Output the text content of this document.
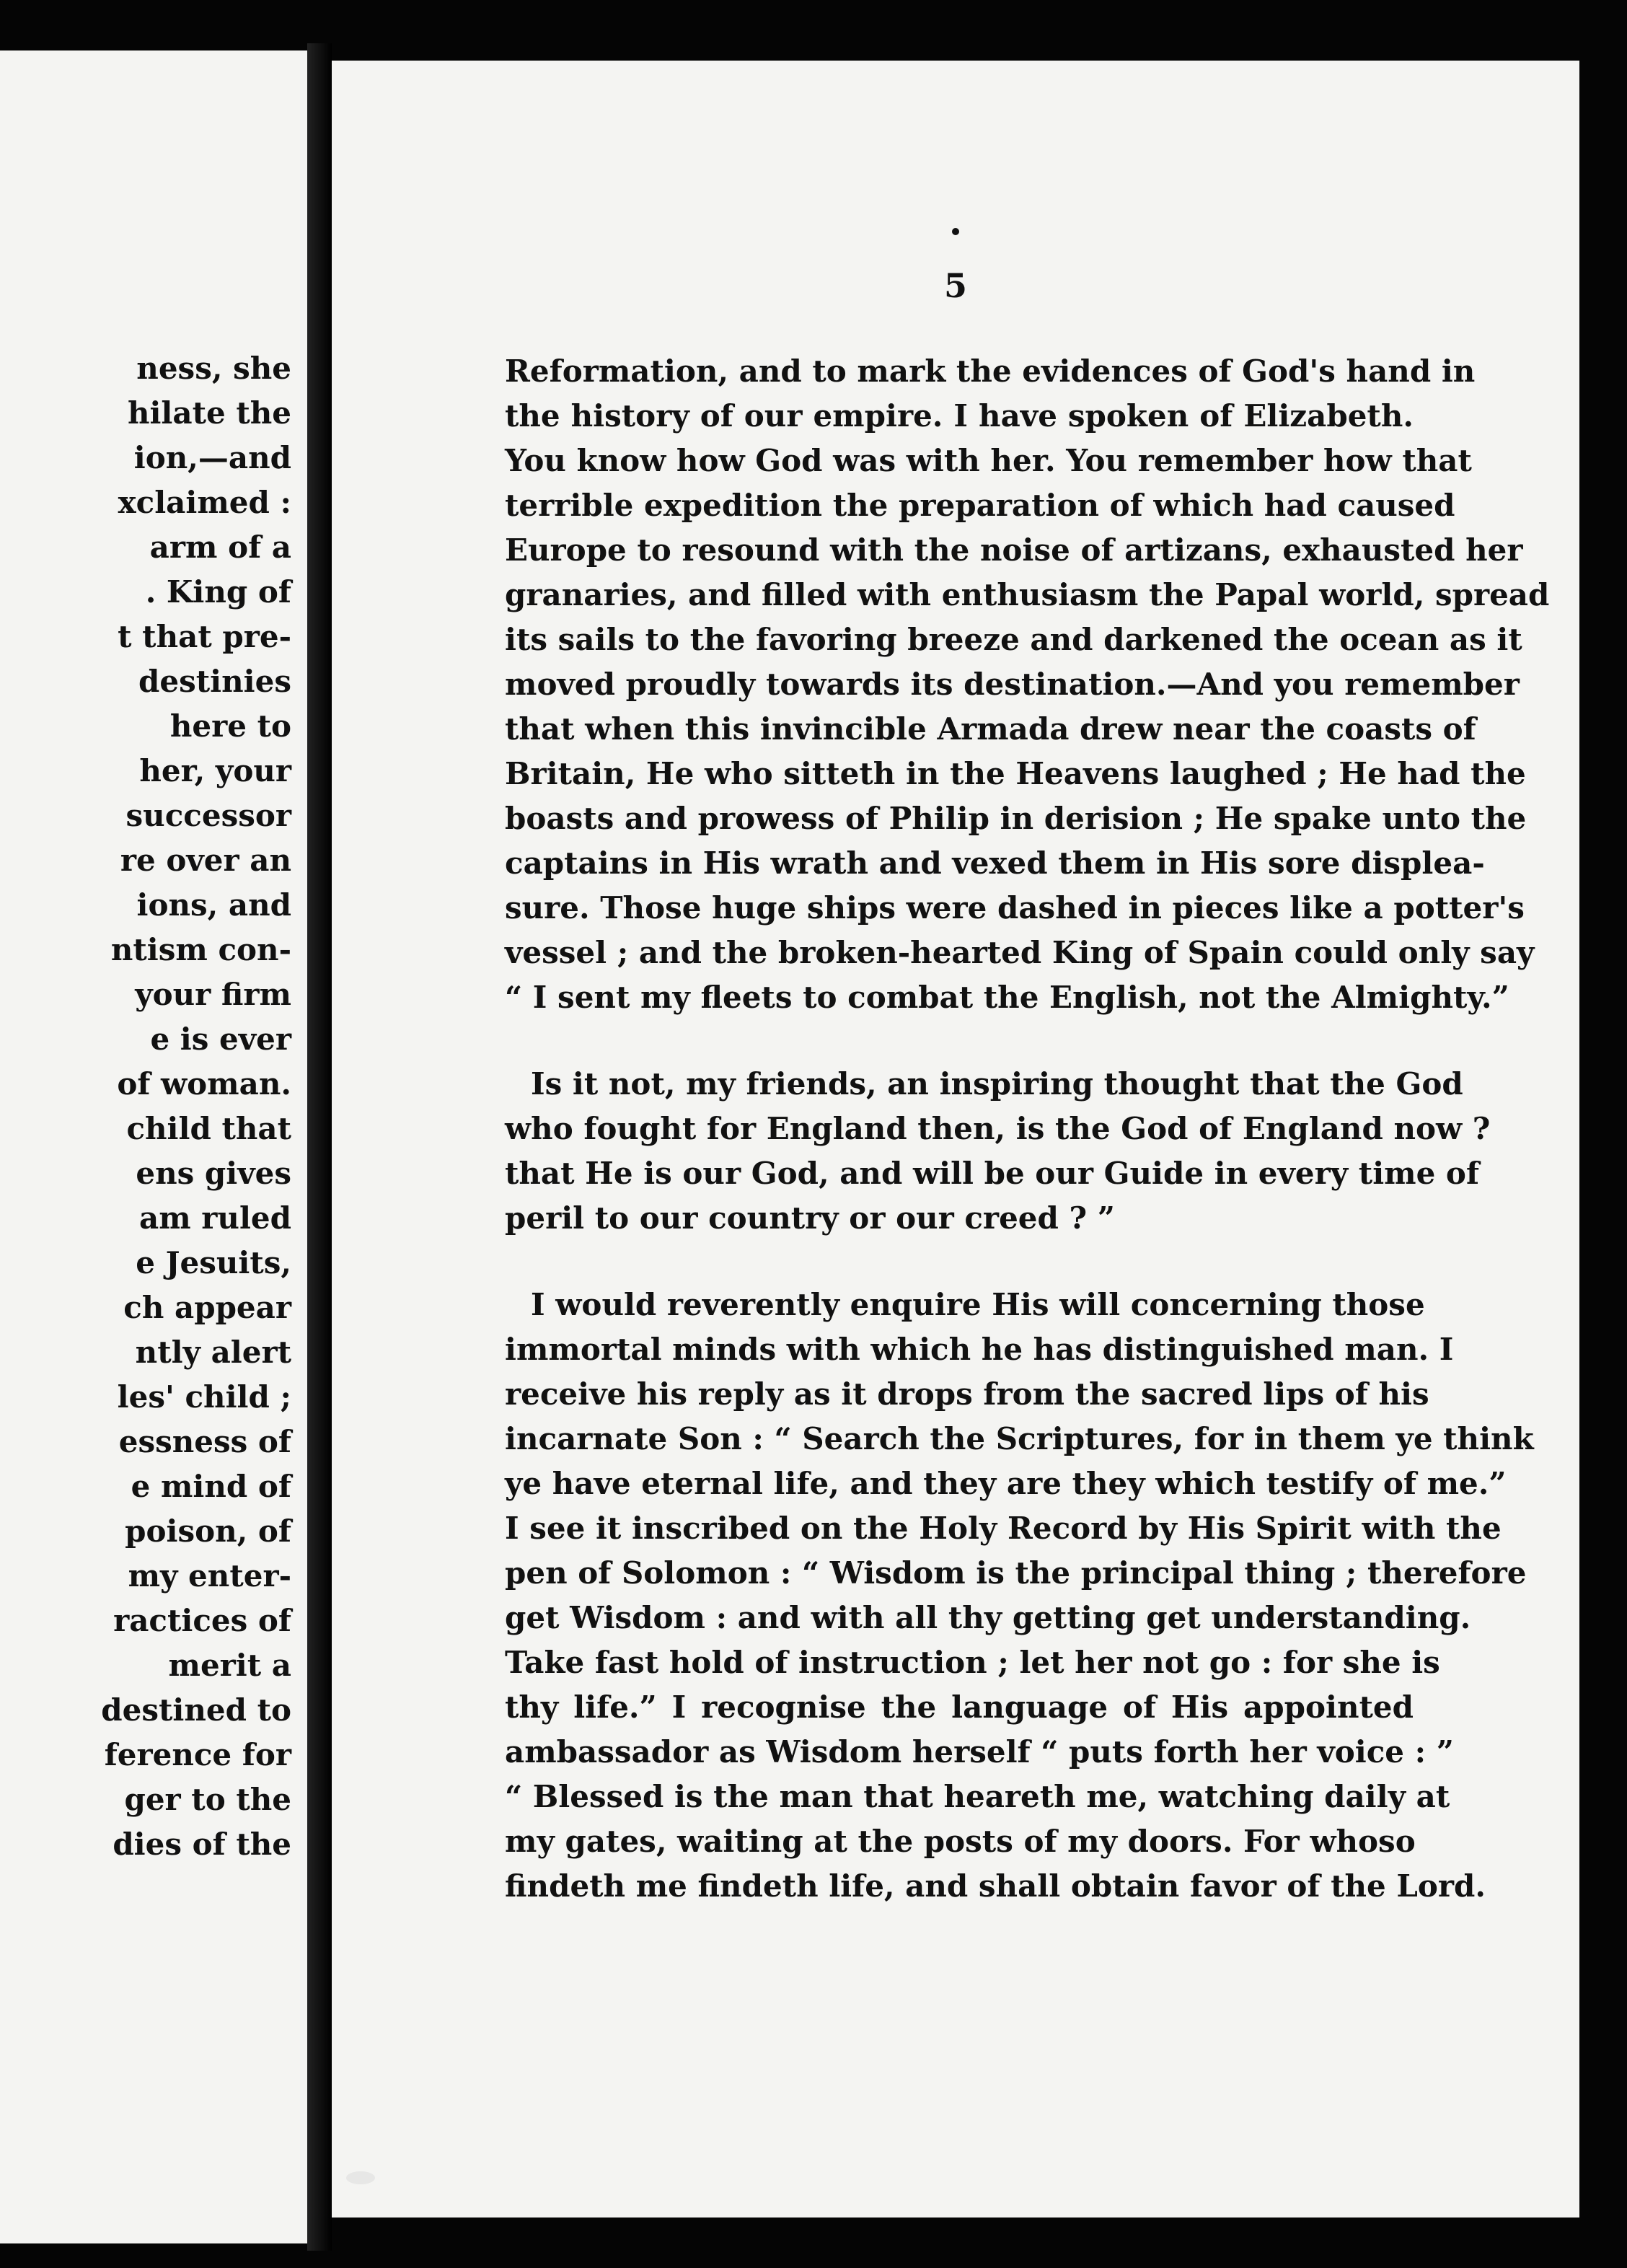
ness, she
hilate the
ion,—and
xclaimed :
arm of a
. King of
t that pre-
destinies
here to
her, your
successor
re over an
ions, and
ntism con-
your firm
e is ever
of woman.
child that
ens gives
am ruled
e Jesuits,
ch appear
ntly alert
les' child ;
essness of
e mind of
poison, of
my enter-
ractices of
merit a
destined to
ference for
ger to the
dies of the
5
Reformation, and to mark the evidences of God's hand in
the history of our empire. I have spoken of Elizabeth.
You know how God was with her. You remember how that
terrible expedition the preparation of which had caused
Europe to resound with the noise of artizans, exhausted her
granaries, and filled with enthusiasm the Papal world, spread
its sails to the favoring breeze and darkened the ocean as it
moved proudly towards its destination.—And you remember
that when this invincible Armada drew near the coasts of
Britain, He who sitteth in the Heavens laughed ; He had the
boasts and prowess of Philip in derision ; He spake unto the
captains in His wrath and vexed them in His sore displea-
sure. Those huge ships were dashed in pieces like a potter's
vessel ; and the broken-hearted King of Spain could only say
“ I sent my fleets to combat the English, not the Almighty.”
Is it not, my friends, an inspiring thought that the God
who fought for England then, is the God of England now ?
that He is our God, and will be our Guide in every time of
peril to our country or our creed ? ”
I would reverently enquire His will concerning those
immortal minds with which he has distinguished man. I
receive his reply as it drops from the sacred lips of his
incarnate Son : “ Search the Scriptures, for in them ye think
ye have eternal life, and they are they which testify of me.”
I see it inscribed on the Holy Record by His Spirit with the
pen of Solomon : “ Wisdom is the principal thing ; therefore
get Wisdom : and with all thy getting get understanding.
Take fast hold of instruction ; let her not go : for she is
thy life.” I recognise the language of His appointed
ambassador as Wisdom herself “ puts forth her voice : ”
“ Blessed is the man that heareth me, watching daily at
my gates, waiting at the posts of my doors. For whoso
findeth me findeth life, and shall obtain favor of the Lord.
